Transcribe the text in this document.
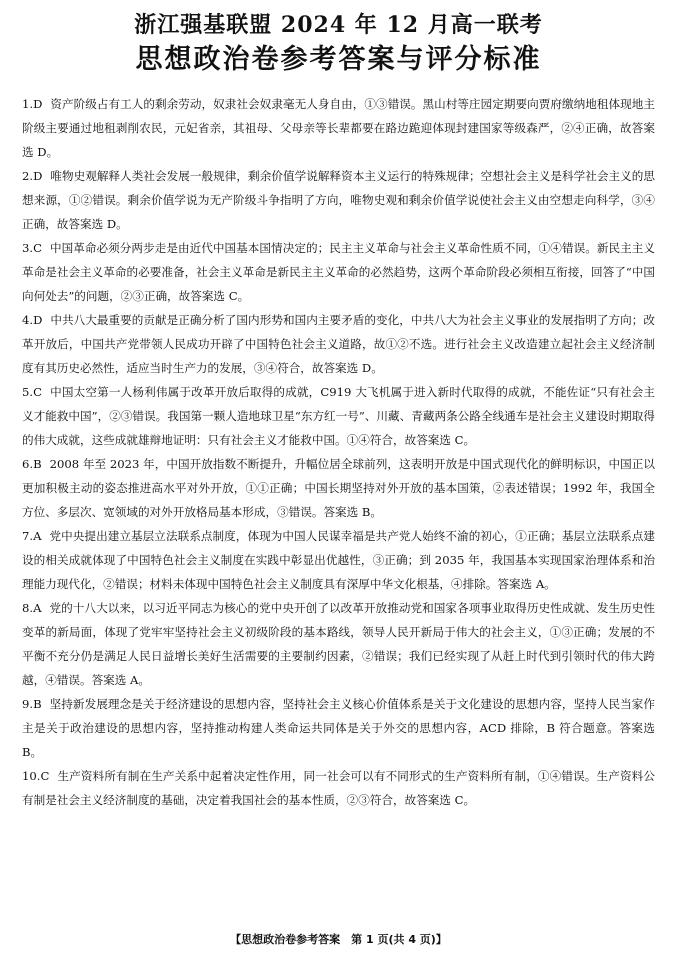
浙江强基联盟 2024 年 12 月高一联考
思想政治卷参考答案与评分标准

1.D 资产阶级占有工人的剩余劳动，奴隶社会奴隶毫无人身自由，①③错误。黑山村等庄园定期要向贾府缴纳地租体现地主阶级主要通过地租剥削农民，元妃省亲，其祖母、父母亲等长辈都要在路边跪迎体现封建国家等级森严，②④正确，故答案选 D。

2.D 唯物史观解释人类社会发展一般规律，剩余价值学说解释资本主义运行的特殊规律；空想社会主义是科学社会主义的思想来源，①②错误。剩余价值学说为无产阶级斗争指明了方向，唯物史观和剩余价值学说使社会主义由空想走向科学，③④正确，故答案选 D。

3.C 中国革命必须分两步走是由近代中国基本国情决定的；民主主义革命与社会主义革命性质不同，①④错误。新民主主义革命是社会主义革命的必要准备，社会主义革命是新民主主义革命的必然趋势，这两个革命阶段必须相互衔接，回答了“中国向何处去”的问题，②③正确，故答案选 C。

4.D 中共八大最重要的贡献是正确分析了国内形势和国内主要矛盾的变化，中共八大为社会主义事业的发展指明了方向；改革开放后，中国共产党带领人民成功开辟了中国特色社会主义道路，故①②不选。进行社会主义改造建立起社会主义经济制度有其历史必然性，适应当时生产力的发展，③④符合，故答案选 D。

5.C 中国太空第一人杨利伟属于改革开放后取得的成就，C919 大飞机属于进入新时代取得的成就，不能佐证“只有社会主义才能救中国”，②③错误。我国第一颗人造地球卫星“东方红一号”、川藏、青藏两条公路全线通车是社会主义建设时期取得的伟大成就，这些成就雄辩地证明：只有社会主义才能救中国。①④符合，故答案选 C。

6.B 2008 年至 2023 年，中国开放指数不断提升，升幅位居全球前列，这表明开放是中国式现代化的鲜明标识，中国正以更加积极主动的姿态推进高水平对外开放，①①正确；中国长期坚持对外开放的基本国策，②表述错误；1992 年，我国全方位、多层次、宽领域的对外开放格局基本形成，③错误。答案选 B。

7.A 党中央提出建立基层立法联系点制度，体现为中国人民谋幸福是共产党人始终不渝的初心，①正确；基层立法联系点建设的相关成就体现了中国特色社会主义制度在实践中彰显出优越性，③正确；到 2035 年，我国基本实现国家治理体系和治理能力现代化，②错误；材料未体现中国特色社会主义制度具有深厚中华文化根基，④排除。答案选 A。

8.A 党的十八大以来，以习近平同志为核心的党中央开创了以改革开放推动党和国家各项事业取得历史性成就、发生历史性变革的新局面，体现了党牢牢坚持社会主义初级阶段的基本路线，领导人民开新局于伟大的社会主义，①③正确；发展的不平衡不充分仍是满足人民日益增长美好生活需要的主要制约因素，②错误；我们已经实现了从赶上时代到引领时代的伟大跨越，④错误。答案选 A。

9.B 坚持新发展理念是关于经济建设的思想内容，坚持社会主义核心价值体系是关于文化建设的思想内容，坚持人民当家作主是关于政治建设的思想内容，坚持推动构建人类命运共同体是关于外交的思想内容，ACD 排除，B 符合题意。答案选 B。

10.C 生产资料所有制在生产关系中起着决定性作用，同一社会可以有不同形式的生产资料所有制，①④错误。生产资料公有制是社会主义经济制度的基础，决定着我国社会的基本性质，②③符合，故答案选 C。

【思想政治卷参考答案　第 1 页(共 4 页)】
